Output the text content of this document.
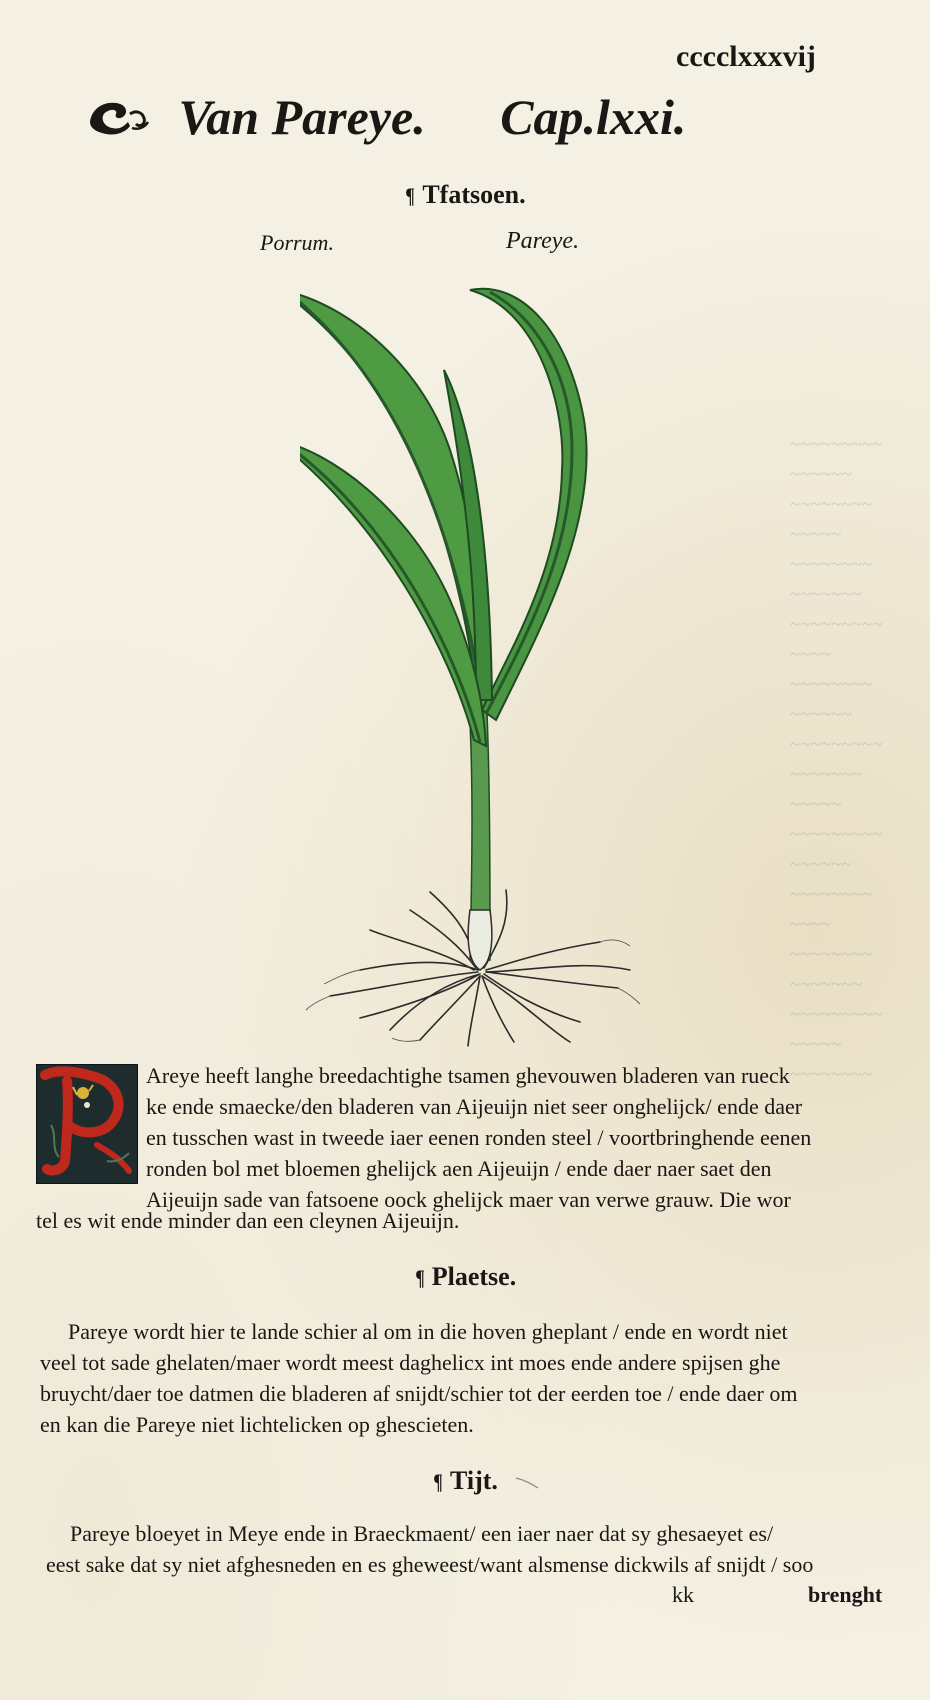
~~~~~~~~~
~~~~~~
~~~~~~~~
~~~~~
~~~~~~~~
~~~~~~~
~~~~~~~~~
~~~~
~~~~~~~~
~~~~~~
~~~~~~~~~
~~~~~~~
~~~~~
~~~~~~~~~
~~~~~~
~~~~~~~~
~~~~
~~~~~~~~
~~~~~~~
~~~~~~~~~
~~~~~
~~~~~~~~
cccclxxxvij
Van Pareye. Cap.lxxi.
¶ Tfatsoen.
Porrum.	Pareye.
Areye heeft langhe breedachtighe tsamen ghevouwen bladeren van rueck
ke ende smaecke/den bladeren van Aijeuijn niet seer onghelijck/ ende daer
en tusschen wast in tweede iaer eenen ronden steel / voortbringhende eenen
ronden bol met bloemen ghelijck aen Aijeuijn / ende daer naer saet den
Aijeuijn sade van fatsoene oock ghelijck maer van verwe grauw. Die wor
tel es wit ende minder dan een cleynen Aijeuijn.
¶ Plaetse.
Pareye wordt hier te lande schier al om in die hoven gheplant / ende en wordt niet
veel tot sade ghelaten/maer wordt meest daghelicx int moes ende andere spijsen ghe
bruycht/daer toe datmen die bladeren af snijdt/schier tot der eerden toe / ende daer om
en kan die Pareye niet lichtelicken op ghescieten.
¶ Tijt.
Pareye bloeyet in Meye ende in Braeckmaent/ een iaer naer dat sy ghesaeyet es/
eest sake dat sy niet afghesneden en es gheweest/want alsmense dickwils af snijdt / soo
kk	brenght
